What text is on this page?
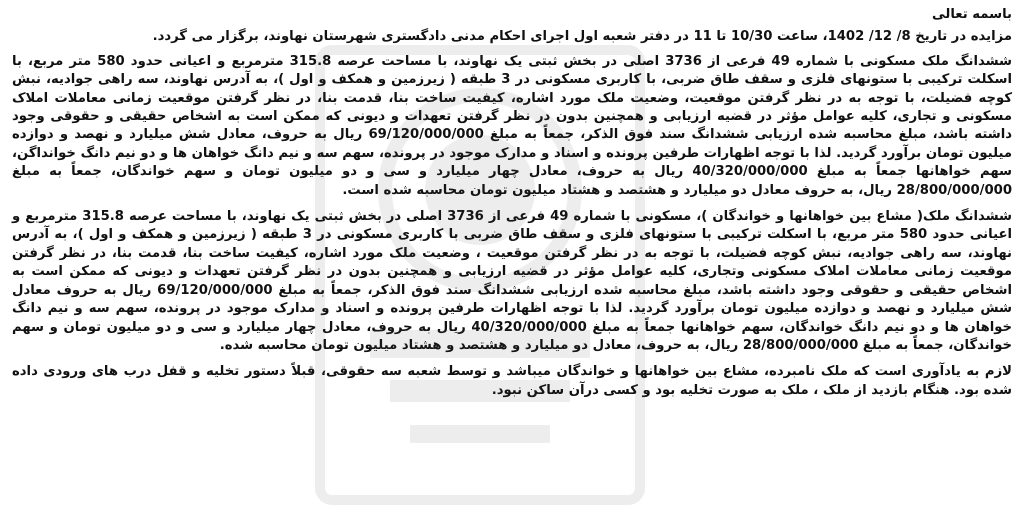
باسمه تعالی

مزایده در تاریخ 8/ 12/ 1402، ساعت 10/30 تا 11 در دفتر شعبه اول اجرای احکام مدنی دادگستری شهرستان نهاوند، برگزار می گردد.

ششدانگ ملک مسکونی با شماره 49 فرعی از 3736 اصلی در بخش ثبتی یک نهاوند، با مساحت عرصه 315.8 مترمربع و اعیانی حدود 580 متر مربع، با اسکلت ترکیبی با ستونهای فلزی و سقف طاق ضربی، با کاربری مسکونی در 3 طبقه ( زیرزمین و همکف و اول )، به آدرس نهاوند، سه راهی جوادیه، نبش کوچه فضیلت، با توجه به در نظر گرفتن موقعیت، وضعیت ملک مورد اشاره، کیفیت ساخت بنا، قدمت بنا، در نظر گرفتن موقعیت زمانی معاملات املاک مسکونی و تجاری، کلیه عوامل مؤثر در قضیه ارزیابی و همچنین بدون در نظر گرفتن تعهدات و دیونی که ممکن است به اشخاص حقیقی و حقوقی وجود داشته باشد، مبلغ محاسبه شده ارزیابی ششدانگ سند فوق الذکر، جمعاً به مبلغ 69/120/000/000 ریال به حروف، معادل شش میلیارد و نهصد و دوازده میلیون تومان برآورد گردید. لذا با توجه اظهارات طرفین پرونده و اسناد و مدارک موجود در پرونده، سهم سه و نیم دانگ خواهان ها و دو نیم دانگ خوانداگن، سهم خواهانها جمعاً به مبلغ 40/320/000/000 ریال به حروف، معادل چهار میلیارد و سی و دو میلیون تومان و سهم خواندگان، جمعاً به مبلغ 28/800/000/000 ریال، به حروف معادل دو میلیارد و هشتصد و هشتاد میلیون تومان محاسبه شده است.

ششدانگ ملک( مشاع بین خواهانها و خواندگان )، مسکونی با شماره 49 فرعی از 3736 اصلی در بخش ثبتی یک نهاوند، با مساحت عرصه 315.8 مترمربع و اعیانی حدود 580 متر مربع، با اسکلت ترکیبی با ستونهای فلزی و سقف طاق ضربی با کاربری مسکونی در 3 طبقه ( زیرزمین و همکف و اول )، به آدرس نهاوند، سه راهی جوادیه، نبش کوچه فضیلت، با توجه به در نظر گرفتن موقعیت ، وضعیت ملک مورد اشاره، کیفیت ساخت بنا، قدمت بنا، در نظر گرفتن موقعیت زمانی معاملات املاک مسکونی وتجاری، کلیه عوامل مؤثر در قضیه ارزیابی و همچنین بدون در نظر گرفتن تعهدات و دیونی که ممکن است به اشخاص حقیقی و حقوقی وجود داشته باشد، مبلغ محاسبه شده ارزیابی ششدانگ سند فوق الذکر، جمعاً به مبلغ 69/120/000/000 ریال به حروف معادل شش میلیارد و نهصد و دوازده میلیون تومان برآورد گردید. لذا با توجه اظهارات طرفین پرونده و اسناد و مدارک موجود در پرونده، سهم سه و نیم دانگ خواهان ها و دو نیم دانگ خواندگان، سهم خواهانها جمعاً به مبلغ 40/320/000/000 ریال به حروف، معادل چهار میلیارد و سی و دو میلیون تومان و سهم خواندگان، جمعاً به مبلغ 28/800/000/000 ریال، به حروف، معادل دو میلیارد و هشتصد و هشتاد میلیون تومان محاسبه شده.

لازم به یادآوری است که ملک نامبرده، مشاع بین خواهانها و خواندگان میباشد و توسط شعبه سه حقوقی، قبلاً دستور تخلیه و قفل درب های ورودی داده شده بود. هنگام بازدید از ملک ، ملک به صورت تخلیه بود و کسی درآن ساکن نبود.
